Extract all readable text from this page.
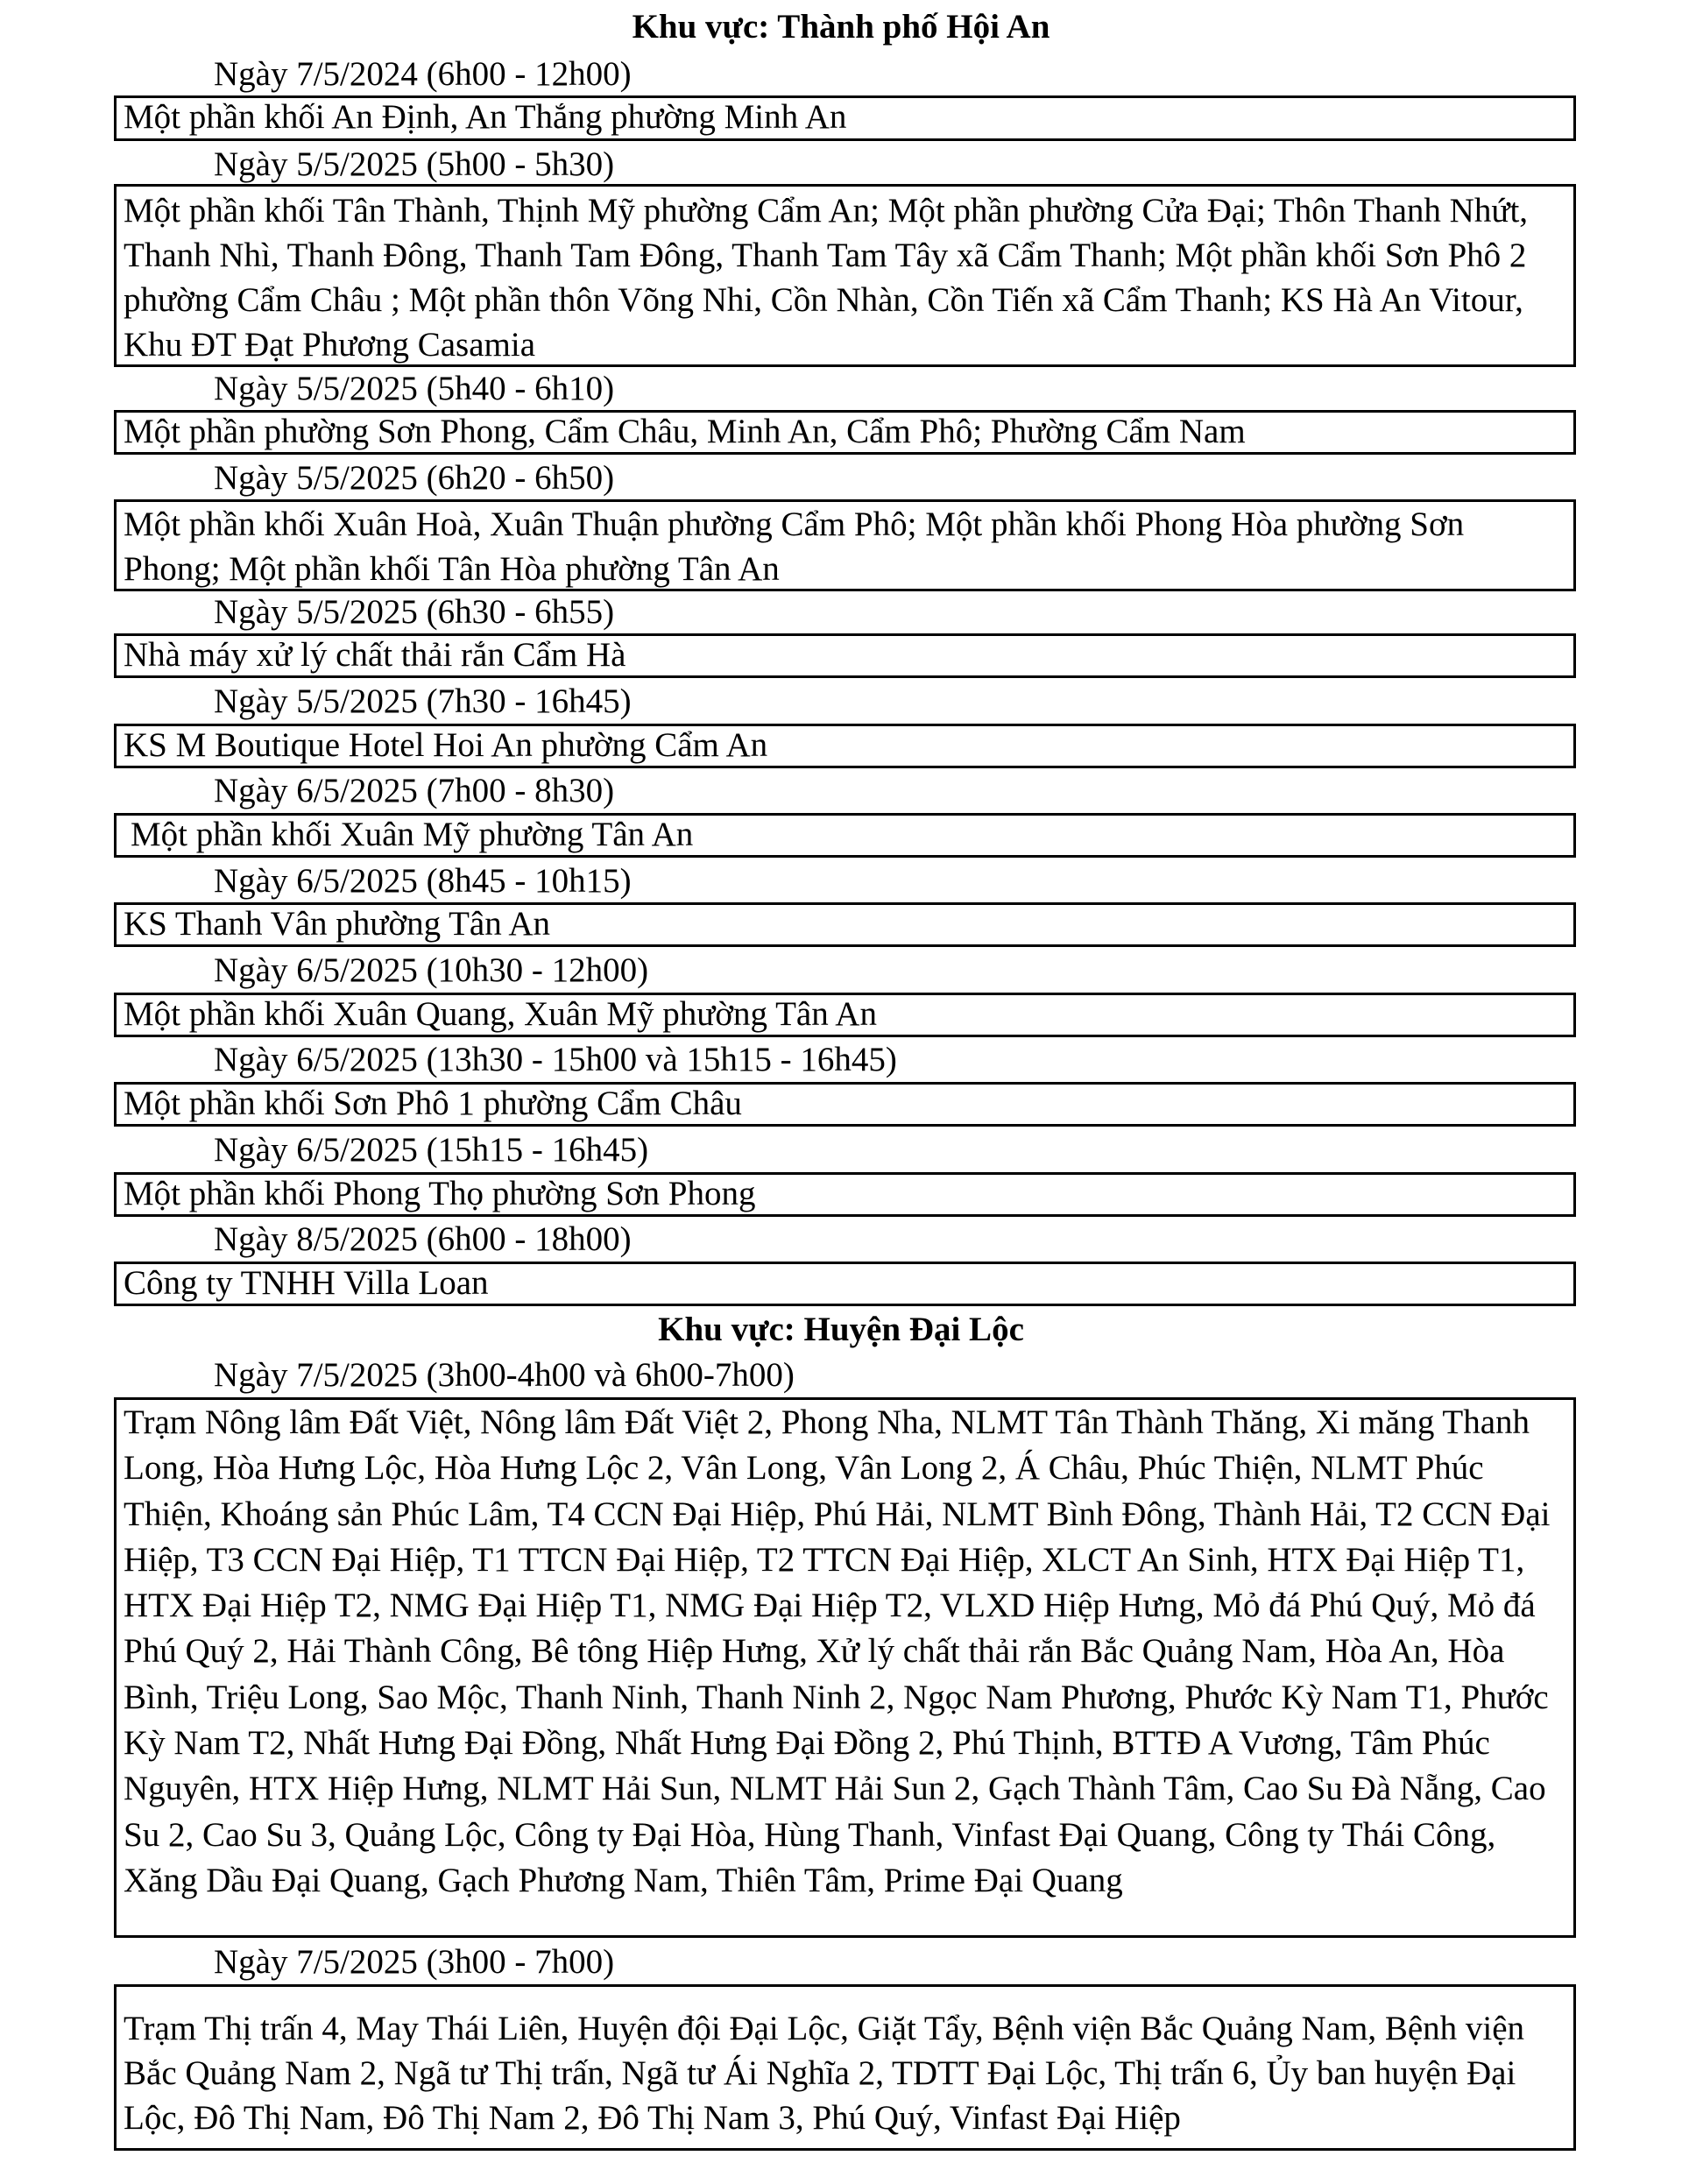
Khu vực: Thành phố Hội An
Ngày 7/5/2024 (6h00 - 12h00)
Một phần khối An Định, An Thắng phường Minh An
Ngày 5/5/2025 (5h00 - 5h30)
Một phần khối Tân Thành, Thịnh Mỹ phường Cẩm An; Một phần phường Cửa Đại; Thôn Thanh Nhứt, Thanh Nhì, Thanh Đông, Thanh Tam Đông, Thanh Tam Tây xã Cẩm Thanh; Một phần khối Sơn Phô 2 phường Cẩm Châu ; Một phần thôn Võng Nhi, Cồn Nhàn, Cồn Tiến xã Cẩm Thanh; KS Hà An Vitour, Khu ĐT Đạt Phương Casamia
Ngày 5/5/2025 (5h40 - 6h10)
Một phần phường Sơn Phong, Cẩm Châu, Minh An, Cẩm Phô; Phường Cẩm Nam
Ngày 5/5/2025 (6h20 - 6h50)
Một phần khối Xuân Hoà, Xuân Thuận phường Cẩm Phô; Một phần khối Phong Hòa phường Sơn Phong; Một phần khối Tân Hòa phường Tân An
Ngày 5/5/2025 (6h30 - 6h55)
Nhà máy xử lý chất thải rắn Cẩm Hà
Ngày 5/5/2025 (7h30 - 16h45)
KS M Boutique Hotel Hoi An phường Cẩm An
Ngày 6/5/2025 (7h00 - 8h30)
Một phần khối Xuân Mỹ phường Tân An
Ngày 6/5/2025 (8h45 - 10h15)
KS Thanh Vân phường Tân An
Ngày 6/5/2025 (10h30 - 12h00)
Một phần khối Xuân Quang, Xuân Mỹ phường Tân An
Ngày 6/5/2025 (13h30 - 15h00 và 15h15 - 16h45)
Một phần khối Sơn Phô 1 phường Cẩm Châu
Ngày 6/5/2025 (15h15 - 16h45)
Một phần khối Phong Thọ phường Sơn Phong
Ngày 8/5/2025 (6h00 - 18h00)
Công ty TNHH Villa Loan
Khu vực: Huyện Đại Lộc
Ngày 7/5/2025 (3h00-4h00 và 6h00-7h00)
Trạm Nông lâm Đất Việt, Nông lâm Đất Việt 2, Phong Nha, NLMT Tân Thành Thăng, Xi măng Thanh Long, Hòa Hưng Lộc, Hòa Hưng Lộc 2, Vân Long, Vân Long 2, Á Châu, Phúc Thiện, NLMT Phúc Thiện, Khoáng sản Phúc Lâm, T4 CCN Đại Hiệp, Phú Hải, NLMT Bình Đông, Thành Hải, T2 CCN Đại Hiệp, T3 CCN Đại Hiệp, T1 TTCN Đại Hiệp, T2 TTCN Đại Hiệp, XLCT An Sinh, HTX Đại Hiệp T1, HTX Đại Hiệp T2, NMG Đại Hiệp T1, NMG Đại Hiệp T2, VLXD Hiệp Hưng, Mỏ đá Phú Quý, Mỏ đá Phú Quý 2, Hải Thành Công, Bê tông Hiệp Hưng, Xử lý chất thải rắn Bắc Quảng Nam, Hòa An, Hòa Bình, Triệu Long, Sao Mộc, Thanh Ninh, Thanh Ninh 2, Ngọc Nam Phương, Phước Kỳ Nam T1, Phước Kỳ Nam T2, Nhất Hưng Đại Đồng, Nhất Hưng Đại Đồng 2, Phú Thịnh, BTTĐ A Vương, Tâm Phúc Nguyên, HTX Hiệp Hưng, NLMT Hải Sun, NLMT Hải Sun 2, Gạch Thành Tâm, Cao Su Đà Nẵng, Cao Su 2, Cao Su 3, Quảng Lộc, Công ty Đại Hòa, Hùng Thanh, Vinfast Đại Quang, Công ty Thái Công, Xăng Dầu Đại Quang, Gạch Phương Nam, Thiên Tâm, Prime Đại Quang
Ngày 7/5/2025 (3h00 - 7h00)
Trạm Thị trấn 4, May Thái Liên, Huyện đội Đại Lộc, Giặt Tẩy, Bệnh viện Bắc Quảng Nam, Bệnh viện Bắc Quảng Nam 2, Ngã tư Thị trấn, Ngã tư Ái Nghĩa 2, TDTT Đại Lộc, Thị trấn 6, Ủy ban huyện Đại Lộc, Đô Thị Nam, Đô Thị Nam 2, Đô Thị Nam 3, Phú Quý, Vinfast Đại Hiệp
